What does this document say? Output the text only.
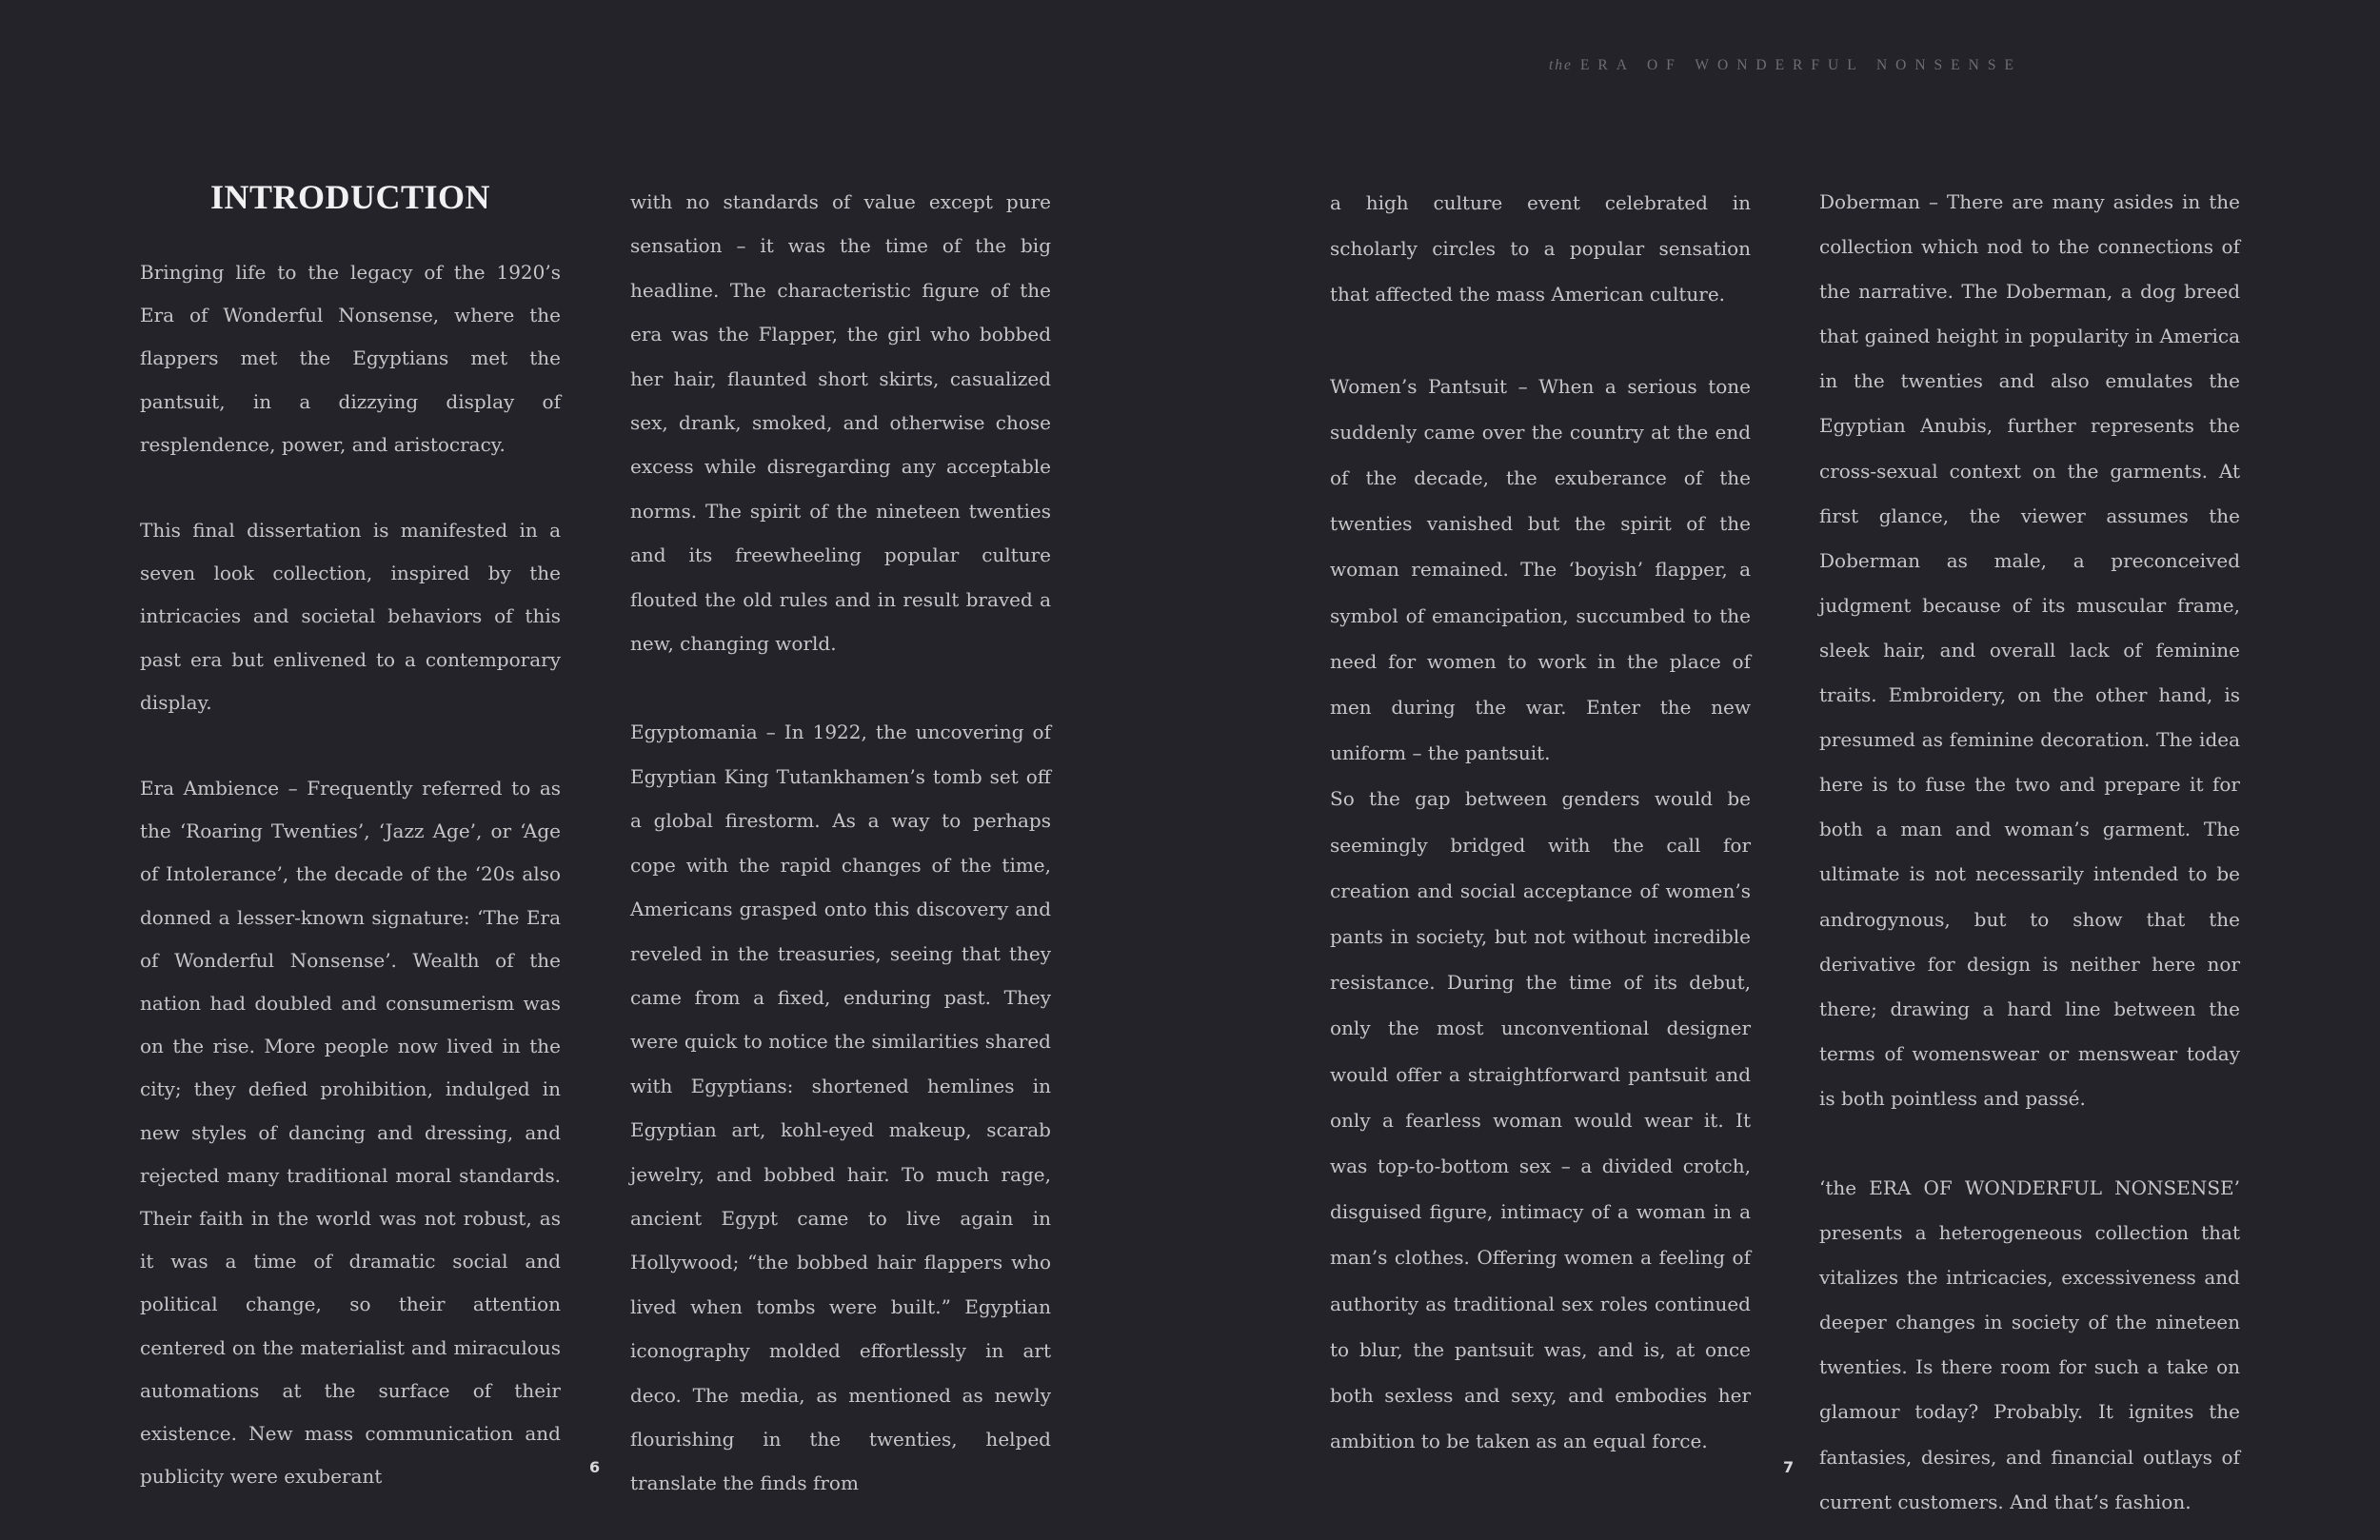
the ERA OF WONDERFUL NONSENSE
INTRODUCTION

Bringing life to the legacy of the 1920’s Era of Wonderful Nonsense, where the flappers met the Egyptians met the pantsuit, in a dizzying display of resplendence, power, and aristocracy.

This final dissertation is manifested in a seven look collection, inspired by the intricacies and societal behaviors of this past era but enlivened to a contemporary display.

Era Ambience – Frequently referred to as the ‘Roaring Twenties’, ‘Jazz Age’, or ‘Age of Intolerance’, the decade of the ‘20s also donned a lesser-known signature: ‘The Era of Wonderful Nonsense’. Wealth of the nation had doubled and consumerism was on the rise. More people now lived in the city; they defied prohibition, indulged in new styles of dancing and dressing, and rejected many traditional moral standards. Their faith in the world was not robust, as it was a time of dramatic social and political change, so their attention centered on the materialist and miraculous automations at the surface of their existence. New mass communication and publicity were exuberant

with no standards of value except pure sensation – it was the time of the big headline. The characteristic figure of the era was the Flapper, the girl who bobbed her hair, flaunted short skirts, casualized sex, drank, smoked, and otherwise chose excess while disregarding any acceptable norms. The spirit of the nineteen twenties and its freewheeling popular culture flouted the old rules and in result braved a new, changing world.

Egyptomania – In 1922, the uncovering of Egyptian King Tutankhamen’s tomb set off a global firestorm. As a way to perhaps cope with the rapid changes of the time, Americans grasped onto this discovery and reveled in the treasuries, seeing that they came from a fixed, enduring past. They were quick to notice the similarities shared with Egyptians: shortened hemlines in Egyptian art, kohl-eyed makeup, scarab jewelry, and bobbed hair. To much rage, ancient Egypt came to live again in Hollywood; “the bobbed hair flappers who lived when tombs were built.” Egyptian iconography molded effortlessly in art deco. The media, as mentioned as newly flourishing in the twenties, helped translate the finds from

a high culture event celebrated in scholarly circles to a popular sensation that affected the mass American culture.

Women’s Pantsuit – When a serious tone suddenly came over the country at the end of the decade, the exuberance of the twenties vanished but the spirit of the woman remained. The ‘boyish’ flapper, a symbol of emancipation, succumbed to the need for women to work in the place of men during the war. Enter the new uniform – the pantsuit.

So the gap between genders would be seemingly bridged with the call for creation and social acceptance of women’s pants in society, but not without incredible resistance. During the time of its debut, only the most unconventional designer would offer a straightforward pantsuit and only a fearless woman would wear it. It was top-to-bottom sex – a divided crotch, disguised figure, intimacy of a woman in a man’s clothes. Offering women a feeling of authority as traditional sex roles continued to blur, the pantsuit was, and is, at once both sexless and sexy, and embodies her ambition to be taken as an equal force.

Doberman – There are many asides in the collection which nod to the connections of the narrative. The Doberman, a dog breed that gained height in popularity in America in the twenties and also emulates the Egyptian Anubis, further represents the cross-sexual context on the garments. At first glance, the viewer assumes the Doberman as male, a preconceived judgment because of its muscular frame, sleek hair, and overall lack of feminine traits. Embroidery, on the other hand, is presumed as feminine decoration. The idea here is to fuse the two and prepare it for both a man and woman’s garment. The ultimate is not necessarily intended to be androgynous, but to show that the derivative for design is neither here nor there; drawing a hard line between the terms of womenswear or menswear today is both pointless and passé.

‘the ERA OF WONDERFUL NONSENSE’ presents a heterogeneous collection that vitalizes the intricacies, excessiveness and deeper changes in society of the nineteen twenties. Is there room for such a take on glamour today? Probably. It ignites the fantasies, desires, and financial outlays of current customers. And that’s fashion.

6	7
